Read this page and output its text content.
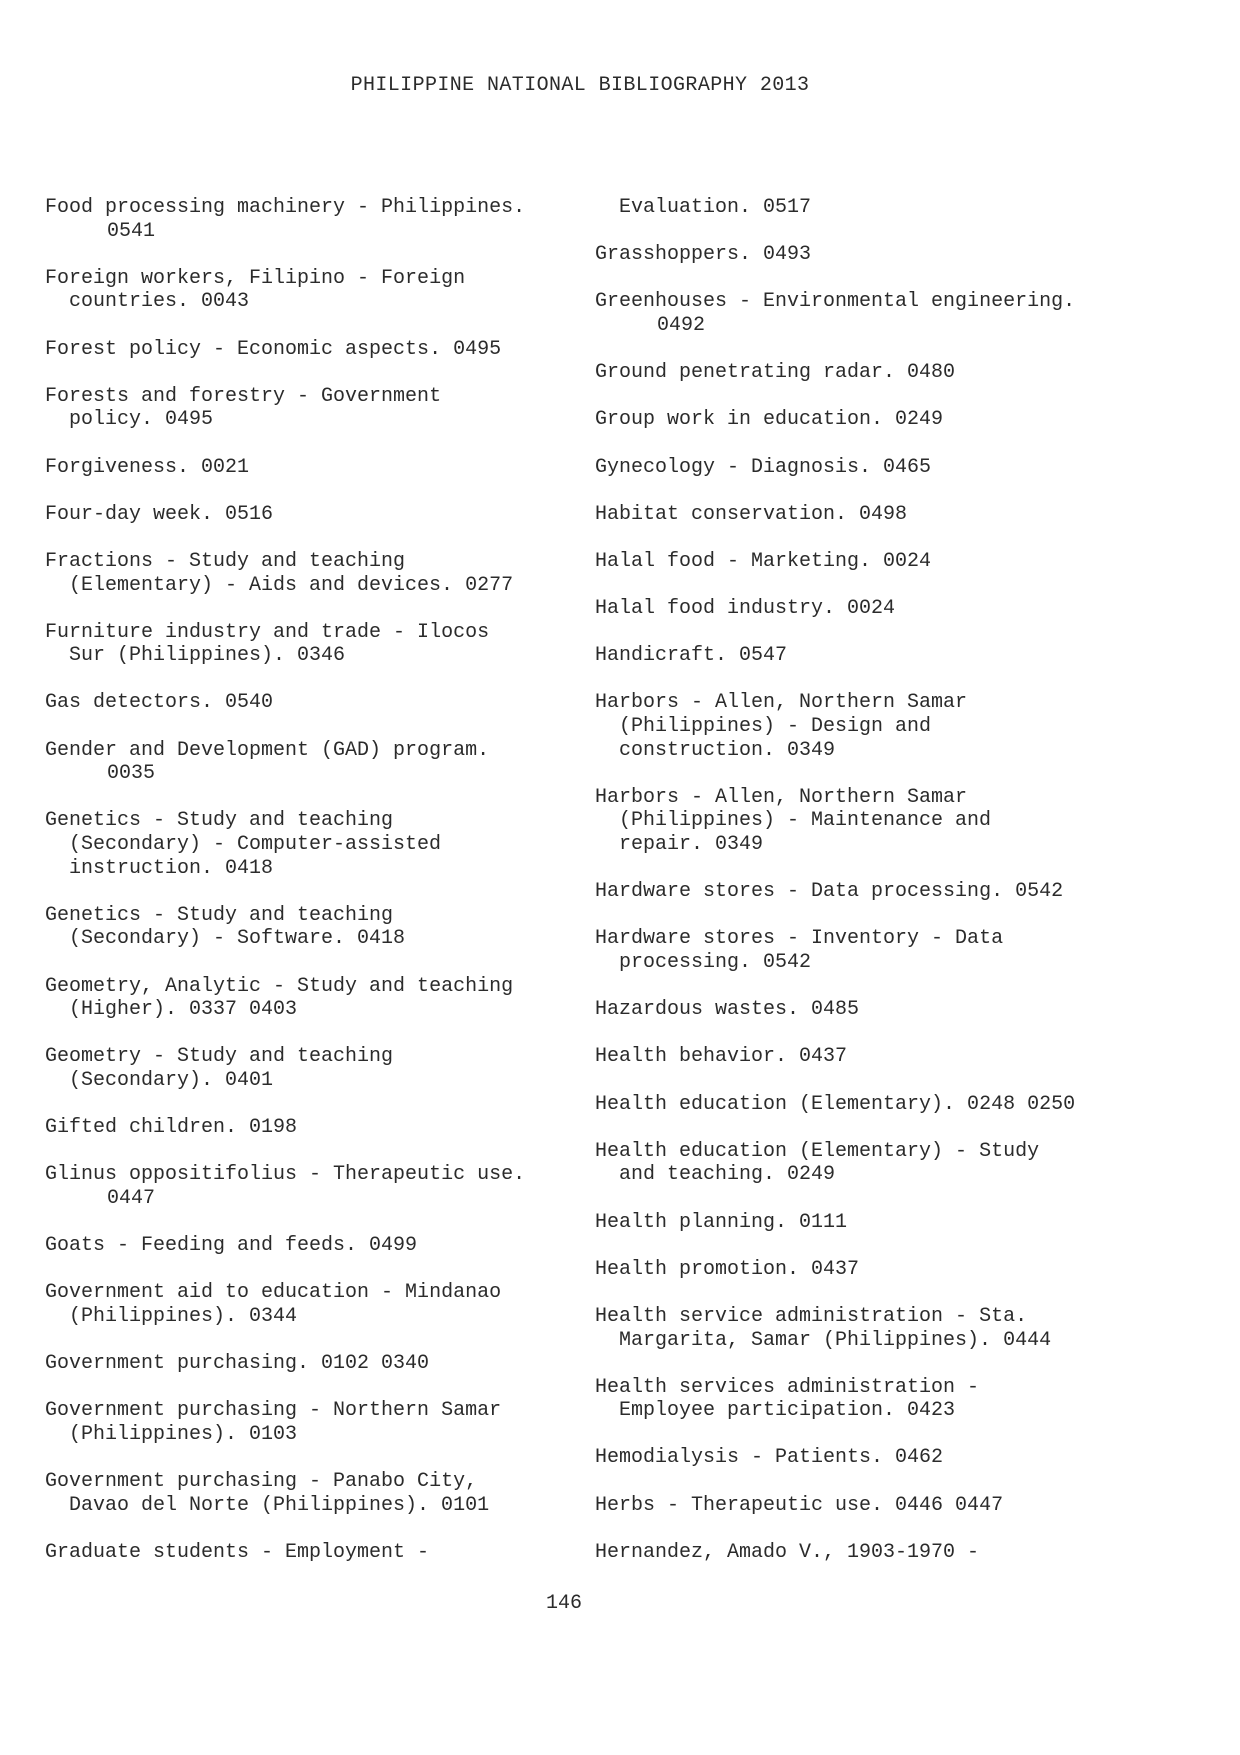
PHILIPPINE NATIONAL BIBLIOGRAPHY 2013
Food processing machinery - Philippines.
0541
Foreign workers, Filipino - Foreign
countries. 0043
Forest policy - Economic aspects. 0495
Forests and forestry - Government
policy. 0495
Forgiveness. 0021
Four-day week. 0516
Fractions - Study and teaching
(Elementary) - Aids and devices. 0277
Furniture industry and trade - Ilocos
Sur (Philippines). 0346
Gas detectors. 0540
Gender and Development (GAD) program.
0035
Genetics - Study and teaching
(Secondary) - Computer-assisted
instruction. 0418
Genetics - Study and teaching
(Secondary) - Software. 0418
Geometry, Analytic - Study and teaching
(Higher). 0337 0403
Geometry - Study and teaching
(Secondary). 0401
Gifted children. 0198
Glinus oppositifolius - Therapeutic use.
0447
Goats - Feeding and feeds. 0499
Government aid to education - Mindanao
(Philippines). 0344
Government purchasing. 0102 0340
Government purchasing - Northern Samar
(Philippines). 0103
Government purchasing - Panabo City,
Davao del Norte (Philippines). 0101
Graduate students - Employment -
Evaluation. 0517
Grasshoppers. 0493
Greenhouses - Environmental engineering.
0492
Ground penetrating radar. 0480
Group work in education. 0249
Gynecology - Diagnosis. 0465
Habitat conservation. 0498
Halal food - Marketing. 0024
Halal food industry. 0024
Handicraft. 0547
Harbors - Allen, Northern Samar
(Philippines) - Design and
construction. 0349
Harbors - Allen, Northern Samar
(Philippines) - Maintenance and
repair. 0349
Hardware stores - Data processing. 0542
Hardware stores - Inventory - Data
processing. 0542
Hazardous wastes. 0485
Health behavior. 0437
Health education (Elementary). 0248 0250
Health education (Elementary) - Study
and teaching. 0249
Health planning. 0111
Health promotion. 0437
Health service administration - Sta.
Margarita, Samar (Philippines). 0444
Health services administration -
Employee participation. 0423
Hemodialysis - Patients. 0462
Herbs - Therapeutic use. 0446 0447
Hernandez, Amado V., 1903-1970 -
146
